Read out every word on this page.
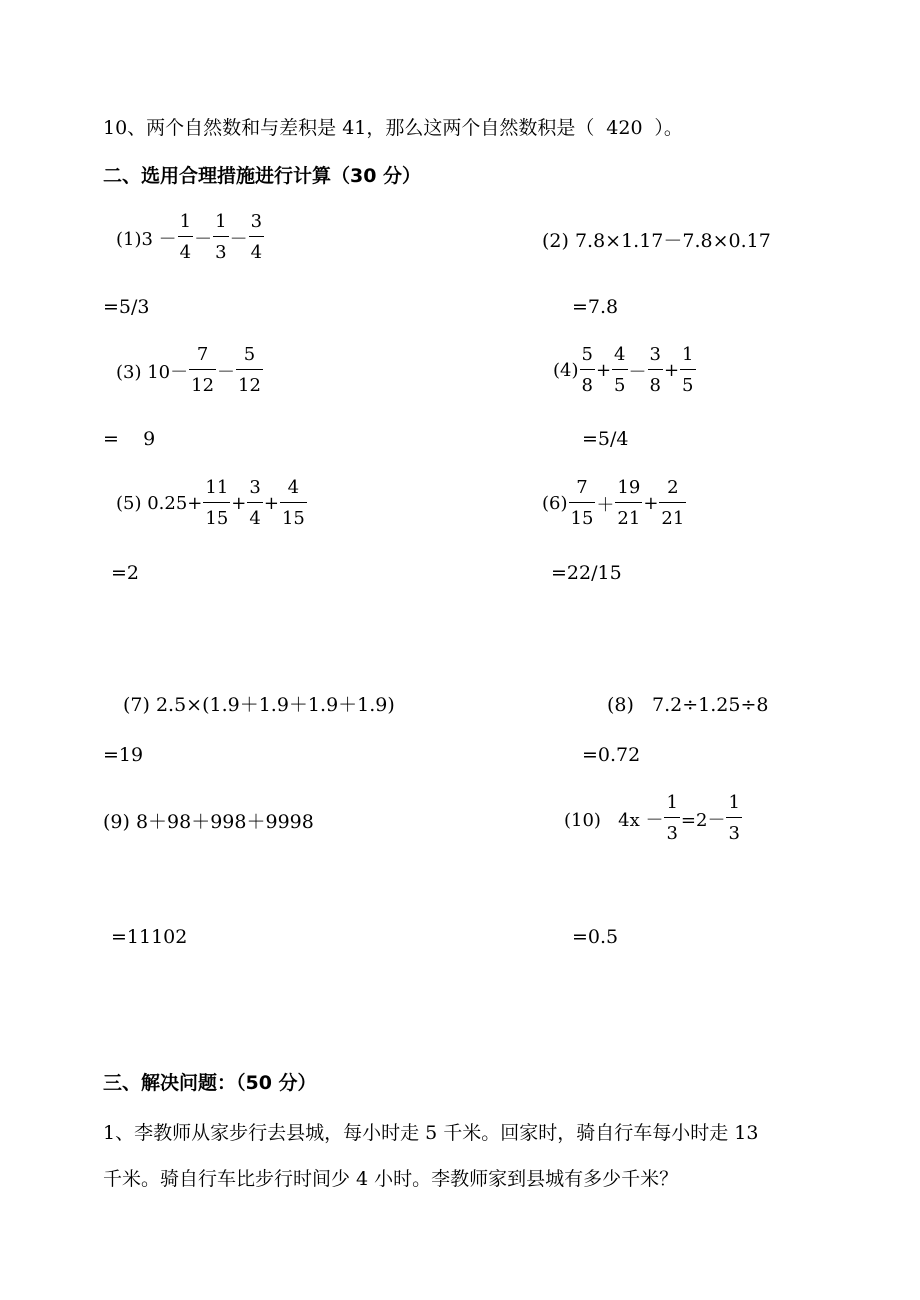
10、两个自然数和与差积是 41，那么这两个自然数积是（ 420 ）。
二、选用合理措施进行计算（30 分）
$(1)3 - \frac{1}{4} - \frac{1}{3} - \frac{3}{4}$
=5/3
(2) 7.8×1.17－7.8×0.17
=7.8
(3) $10- \frac{7}{12} - \frac{5}{12}$
=    9
$(4) \frac{5}{8} + \frac{4}{5} - \frac{3}{8} + \frac{1}{5}$
=5/4
(5) $0.25+ \frac{11}{15} + \frac{3}{4} + \frac{4}{15}$
=2
$(6) \frac{7}{15} + \frac{19}{21} + \frac{2}{21}$
=22/15
(7) 2.5×(1.9＋1.9＋1.9＋1.9)
=19
(8)   7.2÷1.25÷8
=0.72
(9) 8＋98＋998＋9998
=11102
(10)   $4x - \frac{1}{3} =2- \frac{1}{3}$
=0.5
三、解决问题：（50 分）
1、李教师从家步行去县城，每小时走 5 千米。回家时，骑自行车每小时走 13
千米。骑自行车比步行时间少 4 小时。李教师家到县城有多少千米？
